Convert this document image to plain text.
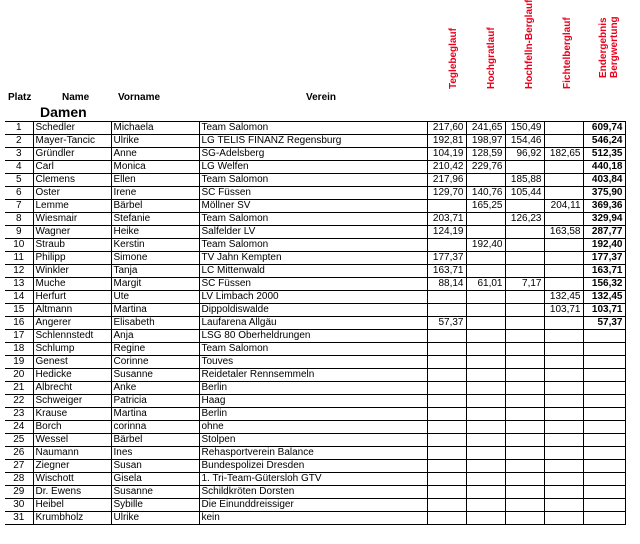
Platz	Name	Vorname	Verein
Teglebeglauf	Hochgratlauf	Hochfelln-Berglauf	Fichtelberglauf	Endergebnis Bergwertung
Damen
1	Schedler	Michaela	Team Salomon	217,60	241,65	150,49		609,74
2	Mayer-Tancic	Ulrike	LG TELIS FINANZ Regensburg	192,81	198,97	154,46		546,24
3	Gründler	Anne	SG-Adelsberg	104,19	128,59	96,92	182,65	512,35
4	Carl	Monica	LG Welfen	210,42	229,76			440,18
5	Clemens	Ellen	Team Salomon	217,96		185,88		403,84
6	Oster	Irene	SC Füssen	129,70	140,76	105,44		375,90
7	Lemme	Bärbel	Möllner SV		165,25		204,11	369,36
8	Wiesmair	Stefanie	Team Salomon	203,71		126,23		329,94
9	Wagner	Heike	Salfelder LV	124,19			163,58	287,77
10	Straub	Kerstin	Team Salomon		192,40			192,40
11	Philipp	Simone	TV Jahn Kempten	177,37				177,37
12	Winkler	Tanja	LC Mittenwald	163,71				163,71
13	Muche	Margit	SC Füssen	88,14	61,01	7,17		156,32
14	Herfurt	Ute	LV Limbach 2000				132,45	132,45
15	Altmann	Martina	Dippoldiswalde				103,71	103,71
16	Angerer	Elisabeth	Laufarena Allgäu	57,37				57,37
17	Schlennstedt	Anja	LSG 80 Oberheldrungen					
18	Schlump	Regine	Team Salomon					
19	Genest	Corinne	Touves					
20	Hedicke	Susanne	Reidetaler Rennsemmeln					
21	Albrecht	Anke	Berlin					
22	Schweiger	Patricia	Haag					
23	Krause	Martina	Berlin					
24	Borch	corinna	ohne					
25	Wessel	Bärbel	Stolpen					
26	Naumann	Ines	Rehasportverein Balance					
27	Ziegner	Susan	Bundespolizei Dresden					
28	Wischott	Gisela	1. Tri-Team-Gütersloh GTV					
29	Dr. Ewens	Susanne	Schildkröten Dorsten					
30	Heibel	Sybille	Die Einunddreissiger					
31	Krumbholz	Ulrike	kein					
